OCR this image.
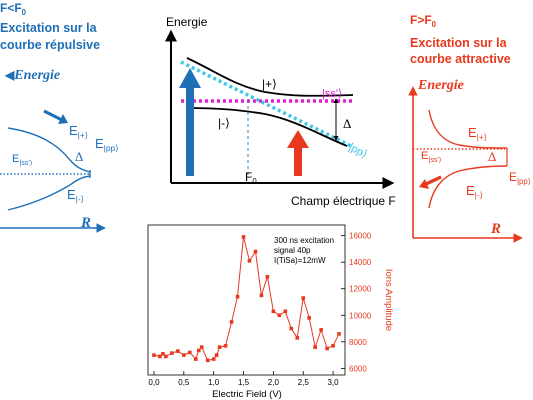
$F<F_0$
Excitation sur la
courbe répulsive
◀Energie
R
$E_{|+⟩}$
$E_{|pp⟩}$
$E_{|ss'⟩}$	Δ
$E_{|-⟩}$
Energie
Champ électrique F
|+⟩
|-⟩
|ss'⟩
|pp⟩
Δ
$F_0$
$F>F_0$
Excitation sur la
courbe attractive
Energie
R
$E_{|+⟩}$
$E_{|ss'⟩}$	Δ
$E_{|pp⟩}$
$E_{|-⟩}$
0,0 0,5 1,0 1,5 2,0 2,5 3,0
6000
8000
10000
12000
14000
16000
300 ns excitation
signal 40p
I(TiSa)=12mW
Electric Field (V)
Ions Amplitude
